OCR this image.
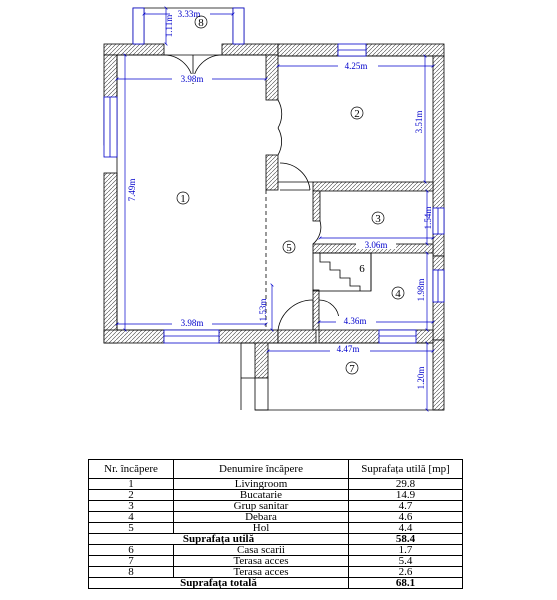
3.33m
1.11m
3.98m
4.25m
3.51m
7.49m
3.98m
1.54m
3.06m
1.98m
4.36m
1.53m
4.47m
1.20m
8
2
1
3
5
6
4
7
Nr. încăpere	Denumire încăpere	Suprafața utilă [mp]
1	Livingroom	29.8
2	Bucatarie	14.9
3	Grup sanitar	4.7
4	Debara	4.6
5	Hol	4.4
Suprafața utilă		58.4
6	Casa scarii	1.7
7	Terasa acces	5.4
8	Terasa acces	2.6
Suprafața totală		68.1
